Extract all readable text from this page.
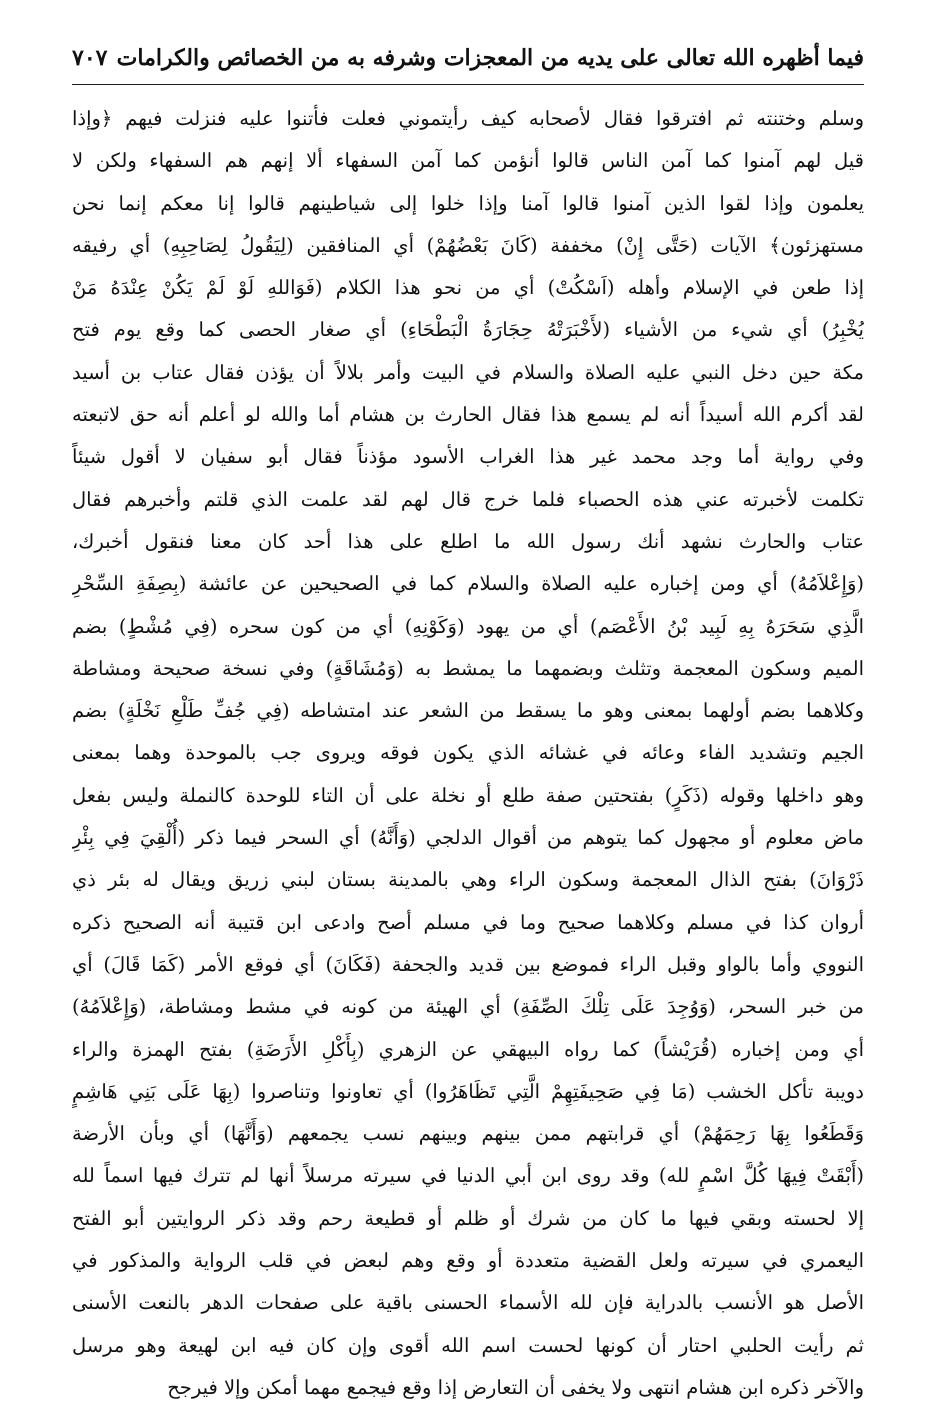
فيما أظهره الله تعالى على يديه من المعجزات وشرفه به من الخصائص والكرامات
٧٠٧
وسلم وختنته ثم افترقوا فقال لأصحابه كيف رأيتموني فعلت فأتنوا عليه فنزلت فيهم ﴿وإذا
قيل لهم آمنوا كما آمن الناس قالوا أنؤمن كما آمن السفهاء ألا إنهم هم السفهاء ولكن لا
يعلمون وإذا لقوا الذين آمنوا قالوا آمنا وإذا خلوا إلى شياطينهم قالوا إنا معكم إنما نحن
مستهزئون﴾ الآيات (حَتَّى إِنْ) مخففة (كَانَ بَعْضُهُمْ) أي المنافقين (لِيَقُولُ لِصَاحِبِهِ) أي رفيقه
إذا طعن في الإسلام وأهله (اَسْكُتْ) أي من نحو هذا الكلام (فَوَاللهِ لَوْ لَمْ يَكُنْ عِنْدَهُ مَنْ
يُخْبِرُ) أي شيء من الأشياء (لأَخْبَرَتْهُ حِجَارَةُ الْبَطْحَاءِ) أي صغار الحصى كما وقع يوم فتح
مكة حين دخل النبي عليه الصلاة والسلام في البيت وأمر بلالاً أن يؤذن فقال عتاب بن أسيد
لقد أكرم الله أسيداً أنه لم يسمع هذا فقال الحارث بن هشام أما والله لو أعلم أنه حق لاتبعته
وفي رواية أما وجد محمد غير هذا الغراب الأسود مؤذناً فقال أبو سفيان لا أقول شيئاً
تكلمت لأخبرته عني هذه الحصباء فلما خرج قال لهم لقد علمت الذي قلتم وأخبرهم فقال
عتاب والحارث نشهد أنك رسول الله ما اطلع على هذا أحد كان معنا فنقول أخبرك،
(وَإِعْلاَمُهُ) أي ومن إخباره عليه الصلاة والسلام كما في الصحيحين عن عائشة (بِصِفَةِ السِّحْرِ
الَّذِي سَحَرَهُ بِهِ لَبِيد بْنُ الأَعْصَم) أي من يهود (وَكَوْنِهِ) أي من كون سحره (فِي مُشْطٍ) بضم
الميم وسكون المعجمة وتثلث وبضمهما ما يمشط به (وَمُشَاقَةٍ) وفي نسخة صحيحة ومشاطة
وكلاهما بضم أولهما بمعنى وهو ما يسقط من الشعر عند امتشاطه (فِي جُفِّ طَلْعِ نَخْلَةٍ) بضم
الجيم وتشديد الفاء وعائه في غشائه الذي يكون فوقه ويروى جب بالموحدة وهما بمعنى
وهو داخلها وقوله (ذَكَرٍ) بفتحتين صفة طلع أو نخلة على أن التاء للوحدة كالنملة وليس بفعل
ماض معلوم أو مجهول كما يتوهم من أقوال الدلجي (وَأَنَّهُ) أي السحر فيما ذكر (أُلْقِيَ فِي بِئْرِ
ذَرْوَانَ) بفتح الذال المعجمة وسكون الراء وهي بالمدينة بستان لبني زريق ويقال له بئر ذي
أروان كذا في مسلم وكلاهما صحيح وما في مسلم أصح وادعى ابن قتيبة أنه الصحيح ذكره
النووي وأما بالواو وقبل الراء فموضع بين قديد والجحفة (فَكَانَ) أي فوقع الأمر (كَمَا قَالَ) أي
من خبر السحر، (وَوُجِدَ عَلَى تِلْكَ الصِّفَةِ) أي الهيئة من كونه في مشط ومشاطة، (وَإِعْلاَمُهُ)
أي ومن إخباره (قُرَيْشاً) كما رواه البيهقي عن الزهري (بِأَكْلِ الأَرَضَةِ) بفتح الهمزة والراء
دويبة تأكل الخشب (مَا فِي صَحِيفَتِهِمْ الَّتِي تَظَاهَرُوا) أي تعاونوا وتناصروا (بِهَا عَلَى بَنِي هَاشِمٍ
وَقَطَعُوا بِهَا رَحِمَهُمْ) أي قرابتهم ممن بينهم وبينهم نسب يجمعهم (وَأَنَّهَا) أي وبأن الأرضة
(أَبْقَتْ فِيهَا كُلَّ اسْمٍ لله) وقد روى ابن أبي الدنيا في سيرته مرسلاً أنها لم تترك فيها اسماً لله
إلا لحسته وبقي فيها ما كان من شرك أو ظلم أو قطيعة رحم وقد ذكر الروايتين أبو الفتح
اليعمري في سيرته ولعل القضية متعددة أو وقع وهم لبعض في قلب الرواية والمذكور في
الأصل هو الأنسب بالدراية فإن لله الأسماء الحسنى باقية على صفحات الدهر بالنعت الأسنى
ثم رأيت الحلبي احتار أن كونها لحست اسم الله أقوى وإن كان فيه ابن لهيعة وهو مرسل
والآخر ذكره ابن هشام انتهى ولا يخفى أن التعارض إذا وقع فيجمع مهما أمكن وإلا فيرجح
